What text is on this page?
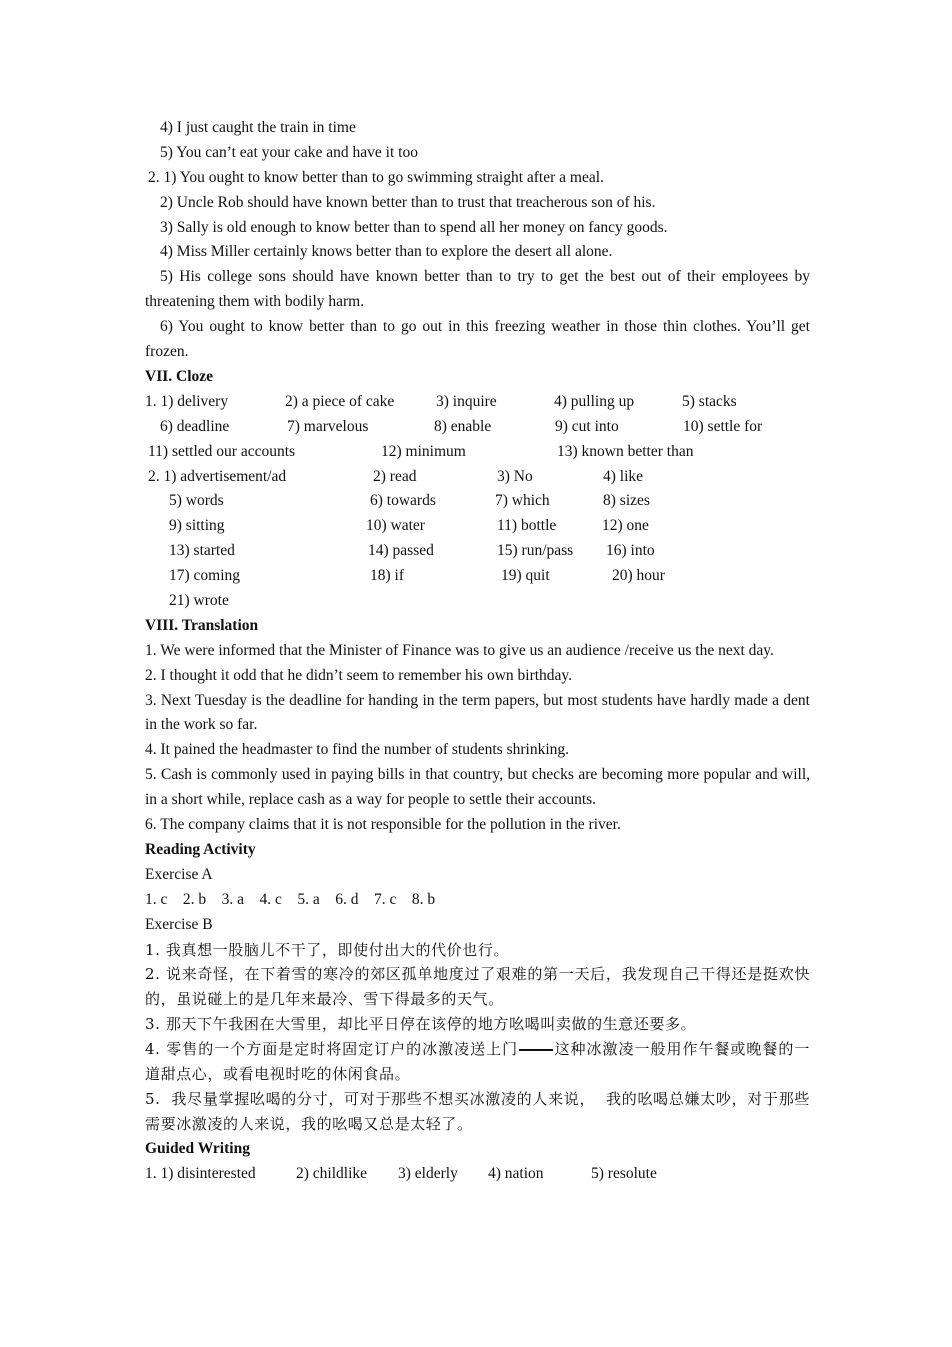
4) I just caught the train in time
5) You can’t eat your cake and have it too
2. 1) You ought to know better than to go swimming straight after a meal.
2) Uncle Rob should have known better than to trust that treacherous son of his.
3) Sally is old enough to know better than to spend all her money on fancy goods.
4) Miss Miller certainly knows better than to explore the desert all alone.
5) His college sons should have known better than to try to get the best out of their employees by threatening them with bodily harm.
6) You ought to know better than to go out in this freezing weather in those thin clothes. You’ll get frozen.
VII. Cloze
1. 1) delivery	2) a piece of cake	3) inquire	4) pulling up	5) stacks
6) deadline	7) marvelous	8) enable	9) cut into	10) settle for
11) settled our accounts	12) minimum	13) known better than
2. 1) advertisement/ad	2) read	3) No	4) like
5) words	6) towards	7) which	8) sizes
9) sitting	10) water	11) bottle	12) one
13) started	14) passed	15) run/pass 16) into
17) coming	18) if	19) quit	20) hour
21) wrote
VIII. Translation
1. We were informed that the Minister of Finance was to give us an audience /receive us the next day.
2. I thought it odd that he didn’t seem to remember his own birthday.
3. Next Tuesday is the deadline for handing in the term papers, but most students have hardly made a dent in the work so far.
4. It pained the headmaster to find the number of students shrinking.
5. Cash is commonly used in paying bills in that country, but checks are becoming more popular and will, in a short while, replace cash as a way for people to settle their accounts.
6. The company claims that it is not responsible for the pollution in the river.
Reading Activity
Exercise A
1. c    2. b    3. a    4. c    5. a    6. d    7. c    8. b
Exercise B
1. 我真想一股脑儿不干了，即使付出大的代价也行。
2. 说来奇怪，在下着雪的寒冷的郊区孤单地度过了艰难的第一天后，我发现自己干得还是挺欢快的，虽说碰上的是几年来最冷、雪下得最多的天气。
3. 那天下午我困在大雪里，却比平日停在该停的地方吆喝叫卖做的生意还要多。
4. 零售的一个方面是定时将固定订户的冰激凌送上门 这种冰激凌一般用作午餐或晚餐的一道甜点心，或看电视时吃的休闲食品。
5.  我尽量掌握吆喝的分寸，可对于那些不想买冰激凌的人来说，  我的吆喝总嫌太吵，对于那些需要冰激凌的人来说，我的吆喝又总是太轻了。
Guided Writing
1. 1) disinterested	2) childlike 3) elderly 4) nation	5) resolute
